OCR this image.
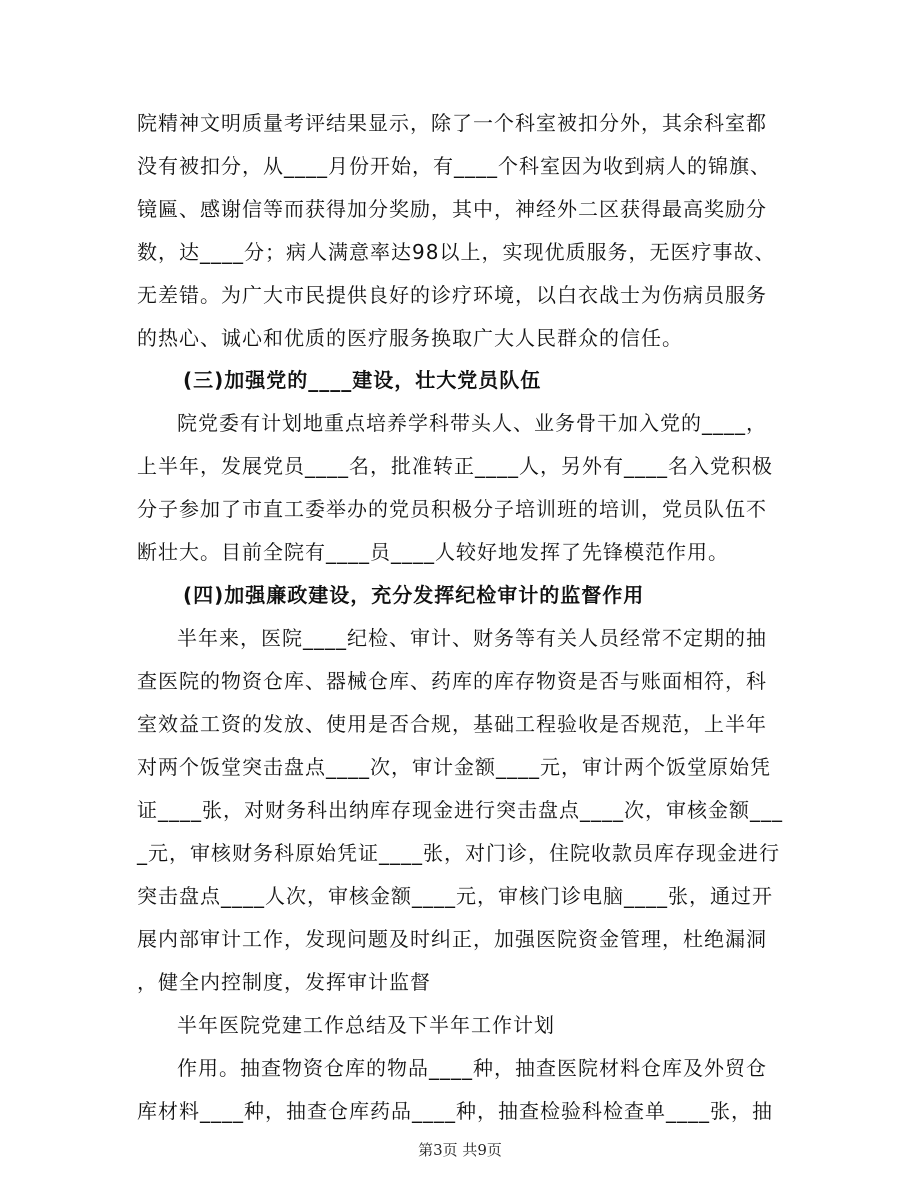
院精神文明质量考评结果显示，除了一个科室被扣分外，其余科室都
没有被扣分，从____月份开始，有____个科室因为收到病人的锦旗、
镜匾、感谢信等而获得加分奖励，其中，神经外二区获得最高奖励分
数，达____分；病人满意率达98以上，实现优质服务，无医疗事故、
无差错。为广大市民提供良好的诊疗环境，以白衣战士为伤病员服务
的热心、诚心和优质的医疗服务换取广大人民群众的信任。
(三)加强党的____建设，壮大党员队伍
院党委有计划地重点培养学科带头人、业务骨干加入党的____，
上半年，发展党员____名，批准转正____人，另外有____名入党积极
分子参加了市直工委举办的党员积极分子培训班的培训，党员队伍不
断壮大。目前全院有____员____人较好地发挥了先锋模范作用。
(四)加强廉政建设，充分发挥纪检审计的监督作用
半年来，医院____纪检、审计、财务等有关人员经常不定期的抽
查医院的物资仓库、器械仓库、药库的库存物资是否与账面相符，科
室效益工资的发放、使用是否合规，基础工程验收是否规范，上半年
对两个饭堂突击盘点____次，审计金额____元，审计两个饭堂原始凭
证____张，对财务科出纳库存现金进行突击盘点____次，审核金额___
_元，审核财务科原始凭证____张，对门诊，住院收款员库存现金进行
突击盘点____人次，审核金额____元，审核门诊电脑____张，通过开
展内部审计工作，发现问题及时纠正，加强医院资金管理，杜绝漏洞
，健全内控制度，发挥审计监督
半年医院党建工作总结及下半年工作计划
作用。抽查物资仓库的物品____种，抽查医院材料仓库及外贸仓
库材料____种，抽查仓库药品____种，抽查检验科检查单____张，抽
第3页 共9页
